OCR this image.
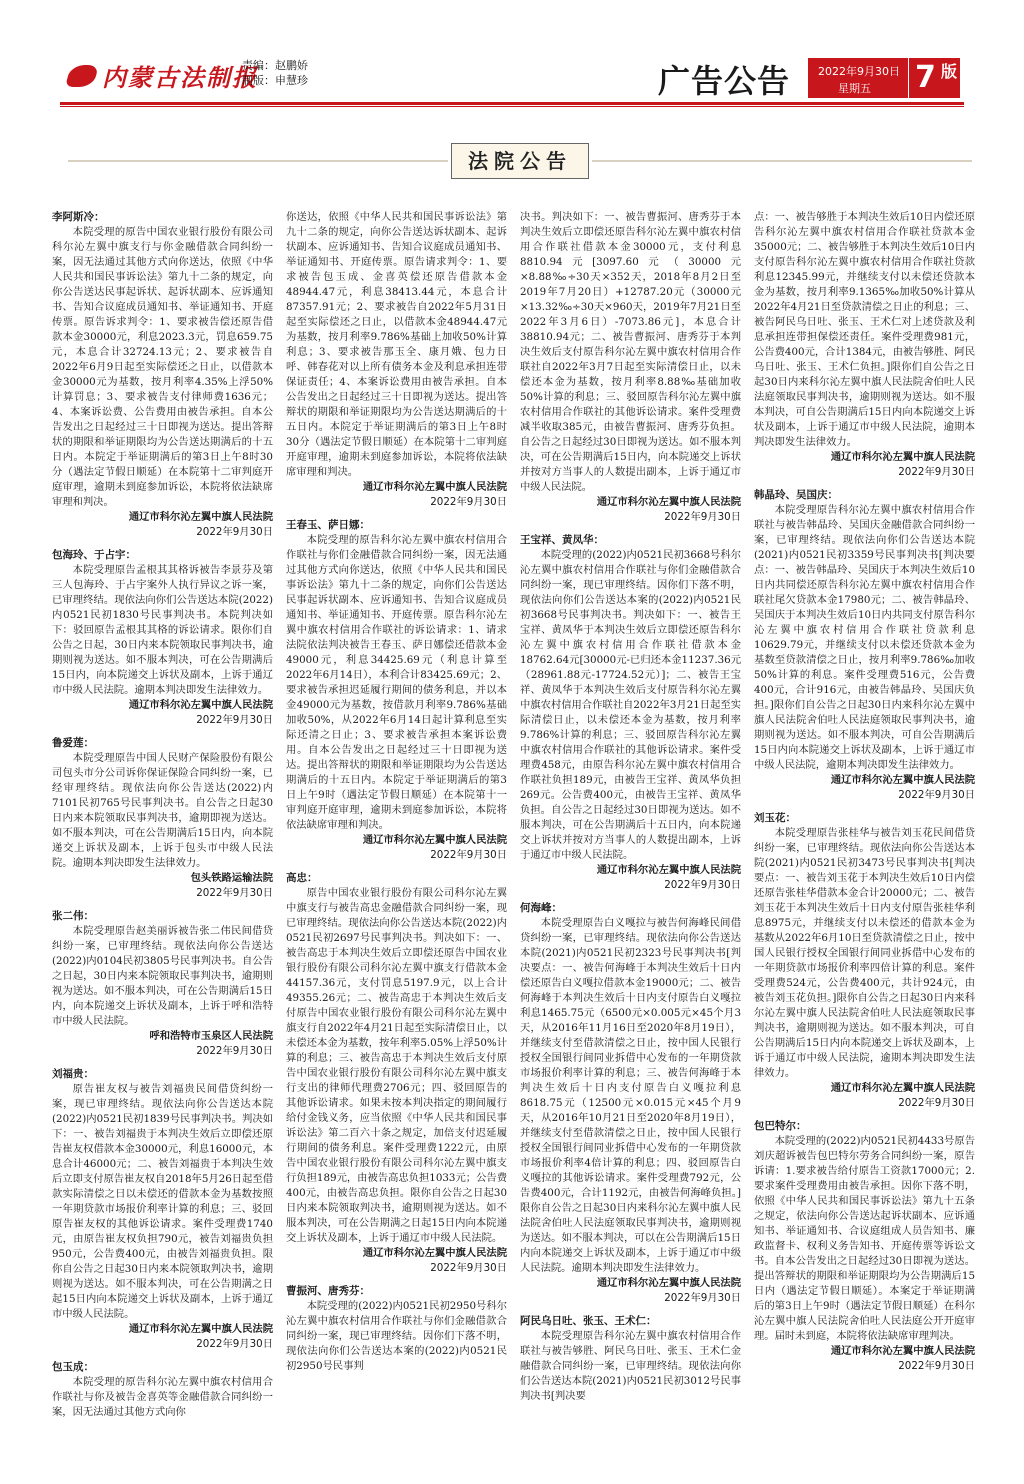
内蒙古法制报
责编：赵鹏娇
制版：申慧珍	广告公告	2022年9月30日
星期五 7 版
法院公告

李阿斯冷：

本院受理的原告中国农业银行股份有限公司科尔沁左翼中旗支行与你金融借款合同纠纷一案，因无法通过其他方式向你送达，依照《中华人民共和国民事诉讼法》第九十二条的规定，向你公告送达民事起诉状、起诉状副本、应诉通知书、告知合议庭成员通知书、举证通知书、开庭传票。原告诉求判令：1、要求被告偿还原告借款本金30000元，利息2023.3元，罚息659.75元，本息合计32724.13元；2、要求被告自2022年6月9日起至实际偿还之日止，以借款本金30000元为基数，按月利率4.35%上浮50%计算罚息；3、要求被告支付律师费1636元；4、本案诉讼费、公告费用由被告承担。自本公告发出之日起经过三十日即视为送达。提出答辩状的期限和举证期限均为公告送达期满后的十五日内。本院定于举证期满后的第3日上午8时30分（遇法定节假日顺延）在本院第十二审判庭开庭审理，逾期未到庭参加诉讼，本院将依法缺席审理和判决。

通辽市科尔沁左翼中旗人民法院

2022年9月30日

包海玲、于占宇：

本院受理原告孟根其其格诉被告李景芬及第三人包海玲、于占宇案外人执行异议之诉一案，已审理终结。现依法向你们公告送达本院(2022)内0521民初1830号民事判决书。本院判决如下：驳回原告孟根其其格的诉讼请求。限你们自公告之日起，30日内来本院领取民事判决书，逾期则视为送达。如不服本判决，可在公告期满后15日内，向本院递交上诉状及副本，上诉于通辽市中级人民法院。逾期本判决即发生法律效力。

通辽市科尔沁左翼中旗人民法院

2022年9月30日

鲁爱莲：

本院受理原告中国人民财产保险股份有限公司包头市分公司诉你保证保险合同纠纷一案，已经审理终结。现依法向你公告送达(2022)内7101民初765号民事判决书。自公告之日起30日内来本院领取民事判决书，逾期即视为送达。如不服本判决，可在公告期满后15日内，向本院递交上诉状及副本，上诉于包头市中级人民法院。逾期本判决即发生法律效力。

包头铁路运输法院

2022年9月30日

张二伟：

本院受理原告赵美丽诉被告张二伟民间借贷纠纷一案，已审理终结。现依法向你公告送达(2022)内0104民初3805号民事判决书。自公告之日起，30日内来本院领取民事判决书，逾期则视为送达。如不服本判决，可在公告期满后15日内，向本院递交上诉状及副本，上诉于呼和浩特市中级人民法院。

呼和浩特市玉泉区人民法院

2022年9月30日

刘福贵：

原告崔友权与被告刘福贵民间借贷纠纷一案，现已审理终结。现依法向你公告送达本院(2022)内0521民初1839号民事判决书。判决如下：一、被告刘福贵于本判决生效后立即偿还原告崔友权借款本金30000元，利息16000元，本息合计46000元；二、被告刘福贵于本判决生效后立即支付原告崔友权自2018年5月26日起至借款实际清偿之日以未偿还的借款本金为基数按照一年期贷款市场报价利率计算的利息；三、驳回原告崔友权的其他诉讼请求。案件受理费1740元，由原告崔友权负担790元，被告刘福贵负担950元，公告费400元，由被告刘福贵负担。限你自公告之日起30日内来本院领取判决书，逾期则视为送达。如不服本判决，可在公告期满之日起15日内向本院递交上诉状及副本，上诉于通辽市中级人民法院。

通辽市科尔沁左翼中旗人民法院

2022年9月30日

包玉成：

本院受理的原告科尔沁左翼中旗农村信用合作联社与你及被告金喜英等金融借款合同纠纷一案，因无法通过其他方式向你

你送达，依照《中华人民共和国民事诉讼法》第九十二条的规定，向你公告送达诉状副本、起诉状副本、应诉通知书、告知合议庭成员通知书、举证通知书、开庭传票。原告请求判令：1、要求被告包玉成、金喜英偿还原告借款本金48944.47元，利息38413.44元，本息合计87357.91元；2、要求被告自2022年5月31日起至实际偿还之日止，以借款本金48944.47元为基数，按月利率9.786%基础上加收50%计算利息；3、要求被告那玉全、康月娥、包力日呼、韩春花对以上所有债务本金及利息承担连带保证责任；4、本案诉讼费用由被告承担。自本公告发出之日起经过三十日即视为送达。提出答辩状的期限和举证期限均为公告送达期满后的十五日内。本院定于举证期满后的第3日上午8时30分（遇法定节假日顺延）在本院第十二审判庭开庭审理，逾期未到庭参加诉讼，本院将依法缺席审理和判决。

通辽市科尔沁左翼中旗人民法院

2022年9月30日

王春玉、萨日娜：

本院受理的原告科尔沁左翼中旗农村信用合作联社与你们金融借款合同纠纷一案，因无法通过其他方式向你送达，依照《中华人民共和国民事诉讼法》第九十二条的规定，向你们公告送达民事起诉状副本、应诉通知书、告知合议庭成员通知书、举证通知书、开庭传票。原告科尔沁左翼中旗农村信用合作联社的诉讼请求：1、请求法院依法判决被告王春玉、萨日娜偿还借款本金49000元，利息34425.69元（利息计算至2022年6月14日），本利合计83425.69元；2、要求被告承担迟延履行期间的债务利息，并以本金49000元为基数，按借款月利率9.786%基础加收50%，从2022年6月14日起计算利息至实际还清之日止；3、要求被告承担本案诉讼费用。自本公告发出之日起经过三十日即视为送达。提出答辩状的期限和举证期限均为公告送达期满后的十五日内。本院定于举证期满后的第3日上午9时（遇法定节假日顺延）在本院第十一审判庭开庭审理，逾期未到庭参加诉讼，本院将依法缺席审理和判决。

通辽市科尔沁左翼中旗人民法院

2022年9月30日

高忠：

原告中国农业银行股份有限公司科尔沁左翼中旗支行与被告高忠金融借款合同纠纷一案，现已审理终结。现依法向你公告送达本院(2022)内0521民初2697号民事判决书。判决如下：一、被告高忠于本判决生效后立即偿还原告中国农业银行股份有限公司科尔沁左翼中旗支行借款本金44157.36元，支付罚息5197.9元，以上合计49355.26元；二、被告高忠于本判决生效后支付原告中国农业银行股份有限公司科尔沁左翼中旗支行自2022年4月21日起至实际清偿日止，以未偿还本金为基数，按年利率5.05%上浮50%计算的利息；三、被告高忠于本判决生效后支付原告中国农业银行股份有限公司科尔沁左翼中旗支行支出的律师代理费2706元；四、驳回原告的其他诉讼请求。如果未按本判决指定的期间履行给付金钱义务，应当依照《中华人民共和国民事诉讼法》第二百六十条之规定，加倍支付迟延履行期间的债务利息。案件受理费1222元，由原告中国农业银行股份有限公司科尔沁左翼中旗支行负担189元，由被告高忠负担1033元；公告费400元，由被告高忠负担。限你自公告之日起30日内来本院领取判决书，逾期则视为送达。如不服本判决，可在公告期满之日起15日内向本院递交上诉状及副本，上诉于通辽市中级人民法院。

通辽市科尔沁左翼中旗人民法院

2022年9月30日

曹振河、唐秀芬：

本院受理的(2022)内0521民初2950号科尔沁左翼中旗农村信用合作联社与你们金融借款合同纠纷一案，现已审理终结。因你们下落不明，现依法向你们公告送达本案的(2022)内0521民初2950号民事判

决书。判决如下：一、被告曹振河、唐秀芬于本判决生效后立即偿还原告科尔沁左翼中旗农村信用合作联社借款本金30000元，支付利息8810.94元[3097.60元（30000元×8.88‰÷30天×352天，2018年8月2日至2019年7月20日）+12787.20元（30000元×13.32‰÷30天×960天，2019年7月21日至2022年3月6日）-7073.86元]，本息合计38810.94元；二、被告曹振河、唐秀芬于本判决生效后支付原告科尔沁左翼中旗农村信用合作联社自2022年3月7日起至实际清偿日止，以未偿还本金为基数，按月利率8.88‰基础加收50%计算的利息；三、驳回原告科尔沁左翼中旗农村信用合作联社的其他诉讼请求。案件受理费减半收取385元，由被告曹振河、唐秀芬负担。自公告之日起经过30日即视为送达。如不服本判决，可在公告期满后15日内，向本院递交上诉状并按对方当事人的人数提出副本，上诉于通辽市中级人民法院。

通辽市科尔沁左翼中旗人民法院

2022年9月30日

王宝祥、黄凤华：

本院受理的(2022)内0521民初3668号科尔沁左翼中旗农村信用合作联社与你们金融借款合同纠纷一案，现已审理终结。因你们下落不明，现依法向你们公告送达本案的(2022)内0521民初3668号民事判决书。判决如下：一、被告王宝祥、黄凤华于本判决生效后立即偿还原告科尔沁左翼中旗农村信用合作联社借款本金18762.64元[30000元-已归还本金11237.36元（28961.88元-17724.52元）]；二、被告王宝祥、黄凤华于本判决生效后支付原告科尔沁左翼中旗农村信用合作联社自2022年3月21日起至实际清偿日止，以未偿还本金为基数，按月利率9.786%计算的利息；三、驳回原告科尔沁左翼中旗农村信用合作联社的其他诉讼请求。案件受理费458元，由原告科尔沁左翼中旗农村信用合作联社负担189元，由被告王宝祥、黄凤华负担269元。公告费400元，由被告王宝祥、黄凤华负担。自公告之日起经过30日即视为送达。如不服本判决，可在公告期满后十五日内，向本院递交上诉状并按对方当事人的人数提出副本，上诉于通辽市中级人民法院。

通辽市科尔沁左翼中旗人民法院

2022年9月30日

何海峰：

本院受理原告白义嘎拉与被告何海峰民间借贷纠纷一案，已审理终结。现依法向你公告送达本院(2021)内0521民初2323号民事判决书[判决要点：一、被告何海峰于本判决生效后十日内偿还原告白义嘎拉借款本金19000元；二、被告何海峰于本判决生效后十日内支付原告白义嘎拉利息1465.75元（6500元×0.005元×45个月3天，从2016年11月16日至2020年8月19日），并继续支付至借款清偿之日止，按中国人民银行授权全国银行间同业拆借中心发布的一年期贷款市场报价利率计算的利息；三、被告何海峰于本判决生效后十日内支付原告白义嘎拉利息8618.75元（12500元×0.015元×45个月9天，从2016年10月21日至2020年8月19日），并继续支付至借款清偿之日止，按中国人民银行授权全国银行间同业拆借中心发布的一年期贷款市场报价利率4倍计算的利息；四、驳回原告白义嘎拉的其他诉讼请求。案件受理费792元，公告费400元，合计1192元，由被告何海峰负担。]限你自公告之日起30日内来科尔沁左翼中旗人民法院舍伯吐人民法庭领取民事判决书，逾期则视为送达。如不服本判决，可以在公告期满后15日内向本院递交上诉状及副本，上诉于通辽市中级人民法院。逾期本判决即发生法律效力。

通辽市科尔沁左翼中旗人民法院

2022年9月30日

阿民乌日吐、张玉、王术仁：

本院受理原告科尔沁左翼中旗农村信用合作联社与被告够胜、阿民乌日吐、张玉、王术仁金融借款合同纠纷一案，已审理终结。现依法向你们公告送达本院(2021)内0521民初3012号民事判决书[判决要

点：一、被告够胜于本判决生效后10日内偿还原告科尔沁左翼中旗农村信用合作联社贷款本金35000元；二、被告够胜于本判决生效后10日内支付原告科尔沁左翼中旗农村信用合作联社贷款利息12345.99元，并继续支付以未偿还贷款本金为基数，按月利率9.1365‰加收50%计算从2022年4月21日至贷款清偿之日止的利息；三、被告阿民乌日吐、张玉、王术仁对上述贷款及利息承担连带担保偿还责任。案件受理费981元，公告费400元，合计1384元，由被告够胜、阿民乌日吐、张玉、王术仁负担。]限你们自公告之日起30日内来科尔沁左翼中旗人民法院舍伯吐人民法庭领取民事判决书，逾期则视为送达。如不服本判决，可自公告期满后15日内向本院递交上诉状及副本，上诉于通辽市中级人民法院，逾期本判决即发生法律效力。

通辽市科尔沁左翼中旗人民法院

2022年9月30日

韩晶玲、吴国庆：

本院受理原告科尔沁左翼中旗农村信用合作联社与被告韩晶玲、吴国庆金融借款合同纠纷一案，已审理终结。现依法向你们公告送达本院(2021)内0521民初3359号民事判决书[判决要点：一、被告韩晶玲、吴国庆于本判决生效后10日内共同偿还原告科尔沁左翼中旗农村信用合作联社尾欠贷款本金17980元；二、被告韩晶玲、吴国庆于本判决生效后10日内共同支付原告科尔沁左翼中旗农村信用合作联社贷款利息10629.79元，并继续支付以未偿还贷款本金为基数至贷款清偿之日止，按月利率9.786‰加收50%计算的利息。案件受理费516元，公告费400元，合计916元，由被告韩晶玲、吴国庆负担。]限你们自公告之日起30日内来科尔沁左翼中旗人民法院舍伯吐人民法庭领取民事判决书，逾期则视为送达。如不服本判决，可自公告期满后15日内向本院递交上诉状及副本，上诉于通辽市中级人民法院，逾期本判决即发生法律效力。

通辽市科尔沁左翼中旗人民法院

2022年9月30日

刘玉花：

本院受理原告张桂华与被告刘玉花民间借贷纠纷一案，已审理终结。现依法向你公告送达本院(2021)内0521民初3473号民事判决书[判决要点：一、被告刘玉花于本判决生效后10日内偿还原告张桂华借款本金合计20000元；二、被告刘玉花于本判决生效后十日内支付原告张桂华利息8975元，并继续支付以未偿还的借款本金为基数从2022年6月10日至贷款清偿之日止，按中国人民银行授权全国银行间同业拆借中心发布的一年期贷款市场报价利率四倍计算的利息。案件受理费524元，公告费400元，共计924元，由被告刘玉花负担。]限你自公告之日起30日内来科尔沁左翼中旗人民法院舍伯吐人民法庭领取民事判决书，逾期则视为送达。如不服本判决，可自公告期满后15日内向本院递交上诉状及副本，上诉于通辽市中级人民法院，逾期本判决即发生法律效力。

通辽市科尔沁左翼中旗人民法院

2022年9月30日

包巴特尔：

本院受理的(2022)内0521民初4433号原告刘庆超诉被告包巴特尔劳务合同纠纷一案，原告诉请：1.要求被告给付原告工资款17000元；2.要求案件受理费用由被告承担。因你下落不明，依照《中华人民共和国民事诉讼法》第九十五条之规定，依法向你公告送达起诉状副本、应诉通知书、举证通知书、合议庭组成人员告知书、廉政监督卡、权利义务告知书、开庭传票等诉讼文书。自本公告发出之日起经过30日即视为送达。提出答辩状的期限和举证期限均为公告期满后15日内（遇法定节假日顺延）。本案定于举证期满后的第3日上午9时（遇法定节假日顺延）在科尔沁左翼中旗人民法院舍伯吐人民法庭公开开庭审理。届时未到庭，本院将依法缺席审理判决。

通辽市科尔沁左翼中旗人民法院

2022年9月30日
